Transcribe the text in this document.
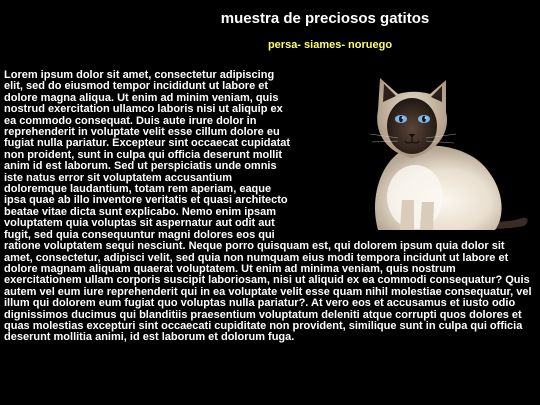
muestra de preciosos gatitos
persa- siames- noruego

Lorem ipsum dolor sit amet, consectetur adipiscing elit, sed do eiusmod tempor incididunt ut labore et dolore magna aliqua. Ut enim ad minim veniam, quis nostrud exercitation ullamco laboris nisi ut aliquip ex ea commodo consequat. Duis aute irure dolor in reprehenderit in voluptate velit esse cillum dolore eu fugiat nulla pariatur. Excepteur sint occaecat cupidatat non proident, sunt in culpa qui officia deserunt mollit anim id est laborum. Sed ut perspiciatis unde omnis iste natus error sit voluptatem accusantium doloremque laudantium, totam rem aperiam, eaque ipsa quae ab illo inventore veritatis et quasi architecto beatae vitae dicta sunt explicabo. Nemo enim ipsam voluptatem quia voluptas sit aspernatur aut odit aut fugit, sed quia consequuntur magni dolores eos qui ratione voluptatem sequi nesciunt. Neque porro quisquam est, qui dolorem ipsum quia dolor sit amet, consectetur, adipisci velit, sed quia non numquam eius modi tempora incidunt ut labore et dolore magnam aliquam quaerat voluptatem. Ut enim ad minima veniam, quis nostrum exercitationem ullam corporis suscipit laboriosam, nisi ut aliquid ex ea commodi consequatur? Quis autem vel eum iure reprehenderit qui in ea voluptate velit esse quam nihil molestiae consequatur, vel illum qui dolorem eum fugiat quo voluptas nulla pariatur?. At vero eos et accusamus et iusto odio dignissimos ducimus qui blanditiis praesentium voluptatum deleniti atque corrupti quos dolores et quas molestias excepturi sint occaecati cupiditate non provident, similique sunt in culpa qui officia deserunt mollitia animi, id est laborum et dolorum fuga.
